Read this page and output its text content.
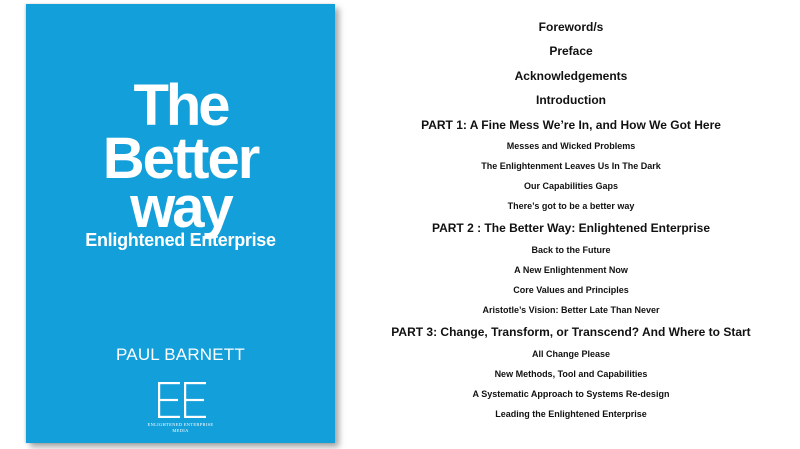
The
Better
way
Enlightened Enterprise
PAUL BARNETT
ENLIGHTENED ENTERPRISE
MEDIA
Foreword/s
Preface
Acknowledgements
Introduction
PART 1: A Fine Mess We’re In, and How We Got Here
Messes and Wicked Problems
The Enlightenment Leaves Us In The Dark
Our Capabilities Gaps
There’s got to be a better way
PART 2 : The Better Way: Enlightened Enterprise
Back to the Future
A New Enlightenment Now
Core Values and Principles
Aristotle’s Vision: Better Late Than Never
PART 3: Change, Transform, or Transcend? And Where to Start
All Change Please
New Methods, Tool and Capabilities
A Systematic Approach to Systems Re-design
Leading the Enlightened Enterprise
